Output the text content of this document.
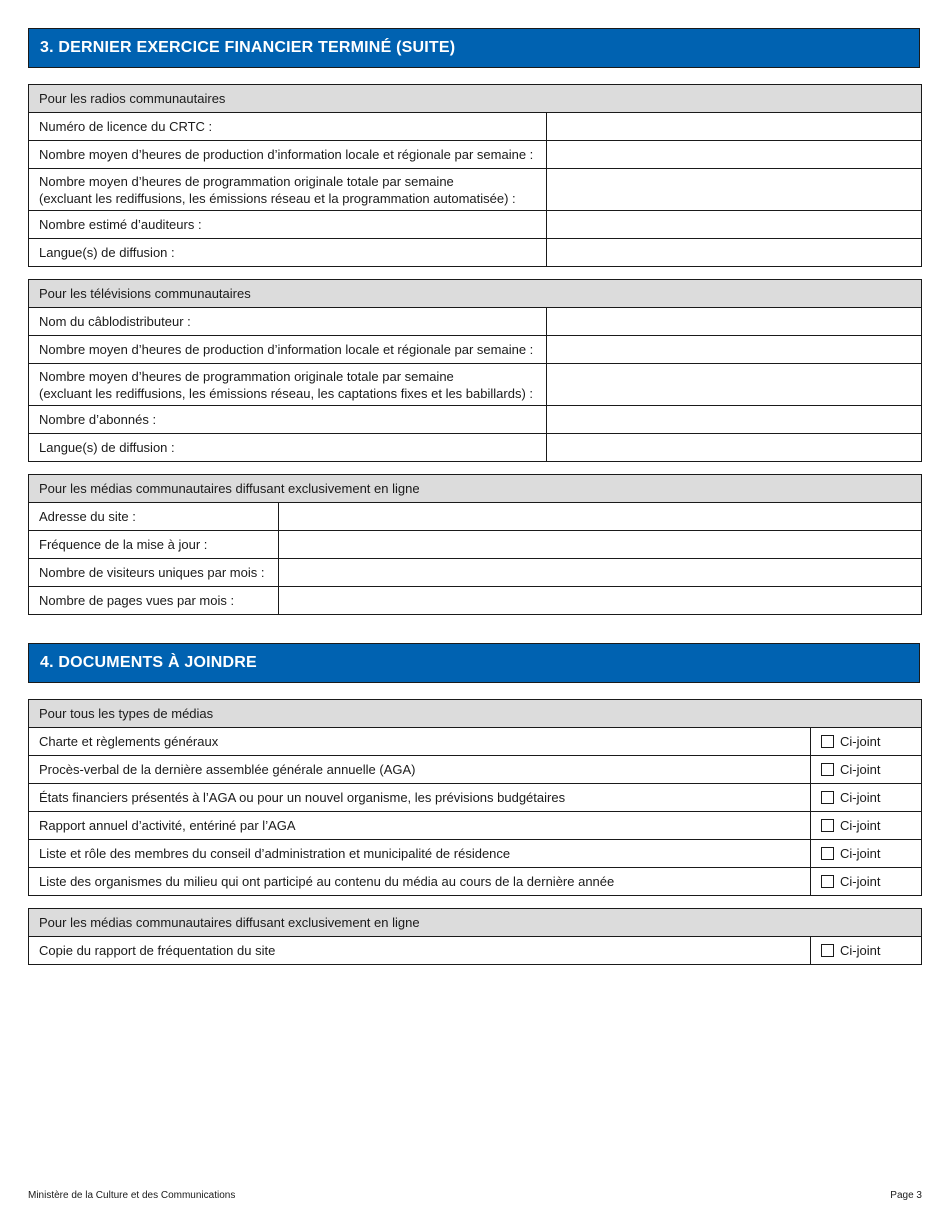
3. DERNIER EXERCICE FINANCIER TERMINÉ (SUITE)
Pour les radios communautaires	
Numéro de licence du CRTC :	
Nombre moyen d’heures de production d’information locale et régionale par semaine :	

Nombre moyen d’heures de programmation originale totale par semaine
(excluant les rediffusions, les émissions réseau et la programmation automatisée) :	

Nombre estimé d’auditeurs :	
Langue(s) de diffusion :	
Pour les télévisions communautaires	
Nom du câblodistributeur :	
Nombre moyen d’heures de production d’information locale et régionale par semaine :	

Nombre moyen d’heures de programmation originale totale par semaine
(excluant les rediffusions, les émissions réseau, les captations fixes et les babillards) :	

Nombre d’abonnés :	
Langue(s) de diffusion :	
Pour les médias communautaires diffusant exclusivement en ligne	
Adresse du site :	
Fréquence de la mise à jour :	
Nombre de visiteurs uniques par mois :	
Nombre de pages vues par mois :	
4. DOCUMENTS À JOINDRE
Pour tous les types de médias	
Charte et règlements généraux	Ci-joint
Procès-verbal de la dernière assemblée générale annuelle (AGA)	Ci-joint
États financiers présentés à l’AGA ou pour un nouvel organisme, les prévisions budgétaires	Ci-joint
Rapport annuel d’activité, entériné par l’AGA	Ci-joint
Liste et rôle des membres du conseil d’administration et municipalité de résidence	Ci-joint
Liste des organismes du milieu qui ont participé au contenu du média au cours de la dernière année	Ci-joint
Pour les médias communautaires diffusant exclusivement en ligne
Copie du rapport de fréquentation du site	Ci-joint
Ministère de la Culture et des Communications	Page 3
